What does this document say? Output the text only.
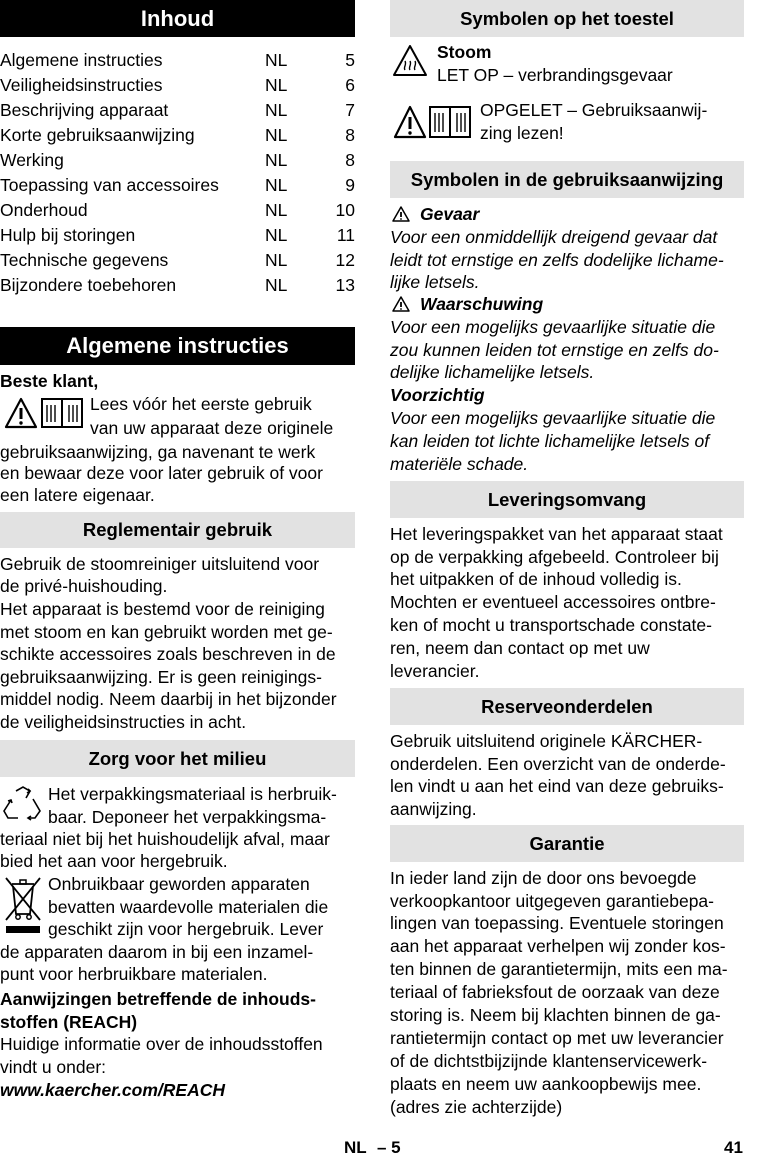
Inhoud
Algemene instructies	NL	5
Veiligheidsinstructies	NL	6
Beschrijving apparaat	NL	7
Korte gebruiksaanwijzing	NL	8
Werking	NL	8
Toepassing van accessoires	NL	9
Onderhoud	NL	10
Hulp bij storingen	NL	11
Technische gegevens	NL	12
Bijzondere toebehoren	NL	13
Algemene instructies
Beste klant,
Lees vóór het eerste gebruik
van uw apparaat deze originele
gebruiksaanwijzing, ga navenant te werk
en bewaar deze voor later gebruik of voor
een latere eigenaar.
Reglementair gebruik
Gebruik de stoomreiniger uitsluitend voor
de privé-huishouding.
Het apparaat is bestemd voor de reiniging
met stoom en kan gebruikt worden met ge-
schikte accessoires zoals beschreven in de
gebruiksaanwijzing. Er is geen reinigings-
middel nodig. Neem daarbij in het bijzonder
de veiligheidsinstructies in acht.
Zorg voor het milieu
Het verpakkingsmateriaal is herbruik-
baar. Deponeer het verpakkingsma-
teriaal niet bij het huishoudelijk afval, maar
bied het aan voor hergebruik.
Onbruikbaar geworden apparaten
bevatten waardevolle materialen die
geschikt zijn voor hergebruik. Lever
de apparaten daarom in bij een inzamel-
punt voor herbruikbare materialen.
Aanwijzingen betreffende de inhouds-
stoffen (REACH)
Huidige informatie over de inhoudsstoffen
vindt u onder:
www.kaercher.com/REACH
Symbolen op het toestel
Stoom
LET OP – verbrandingsgevaar
OPGELET – Gebruiksaanwij-
zing lezen!
Symbolen in de gebruiksaanwijzing
Gevaar
Voor een onmiddellijk dreigend gevaar dat
leidt tot ernstige en zelfs dodelijke lichame-
lijke letsels.
Waarschuwing
Voor een mogelijks gevaarlijke situatie die
zou kunnen leiden tot ernstige en zelfs do-
delijke lichamelijke letsels.
Voorzichtig
Voor een mogelijks gevaarlijke situatie die
kan leiden tot lichte lichamelijke letsels of
materiële schade.
Leveringsomvang
Het leveringspakket van het apparaat staat
op de verpakking afgebeeld. Controleer bij
het uitpakken of de inhoud volledig is.
Mochten er eventueel accessoires ontbre-
ken of mocht u transportschade constate-
ren, neem dan contact op met uw
leverancier.
Reserveonderdelen
Gebruik uitsluitend originele KÄRCHER-
onderdelen. Een overzicht van de onderde-
len vindt u aan het eind van deze gebruiks-
aanwijzing.
Garantie
In ieder land zijn de door ons bevoegde
verkoopkantoor uitgegeven garantiebepa-
lingen van toepassing. Eventuele storingen
aan het apparaat verhelpen wij zonder kos-
ten binnen de garantietermijn, mits een ma-
teriaal of fabrieksfout de oorzaak van deze
storing is. Neem bij klachten binnen de ga-
rantietermijn contact op met uw leverancier
of de dichtstbijzijnde klantenservicewerk-
plaats en neem uw aankoopbewijs mee.
(adres zie achterzijde)
NL – 5	41
